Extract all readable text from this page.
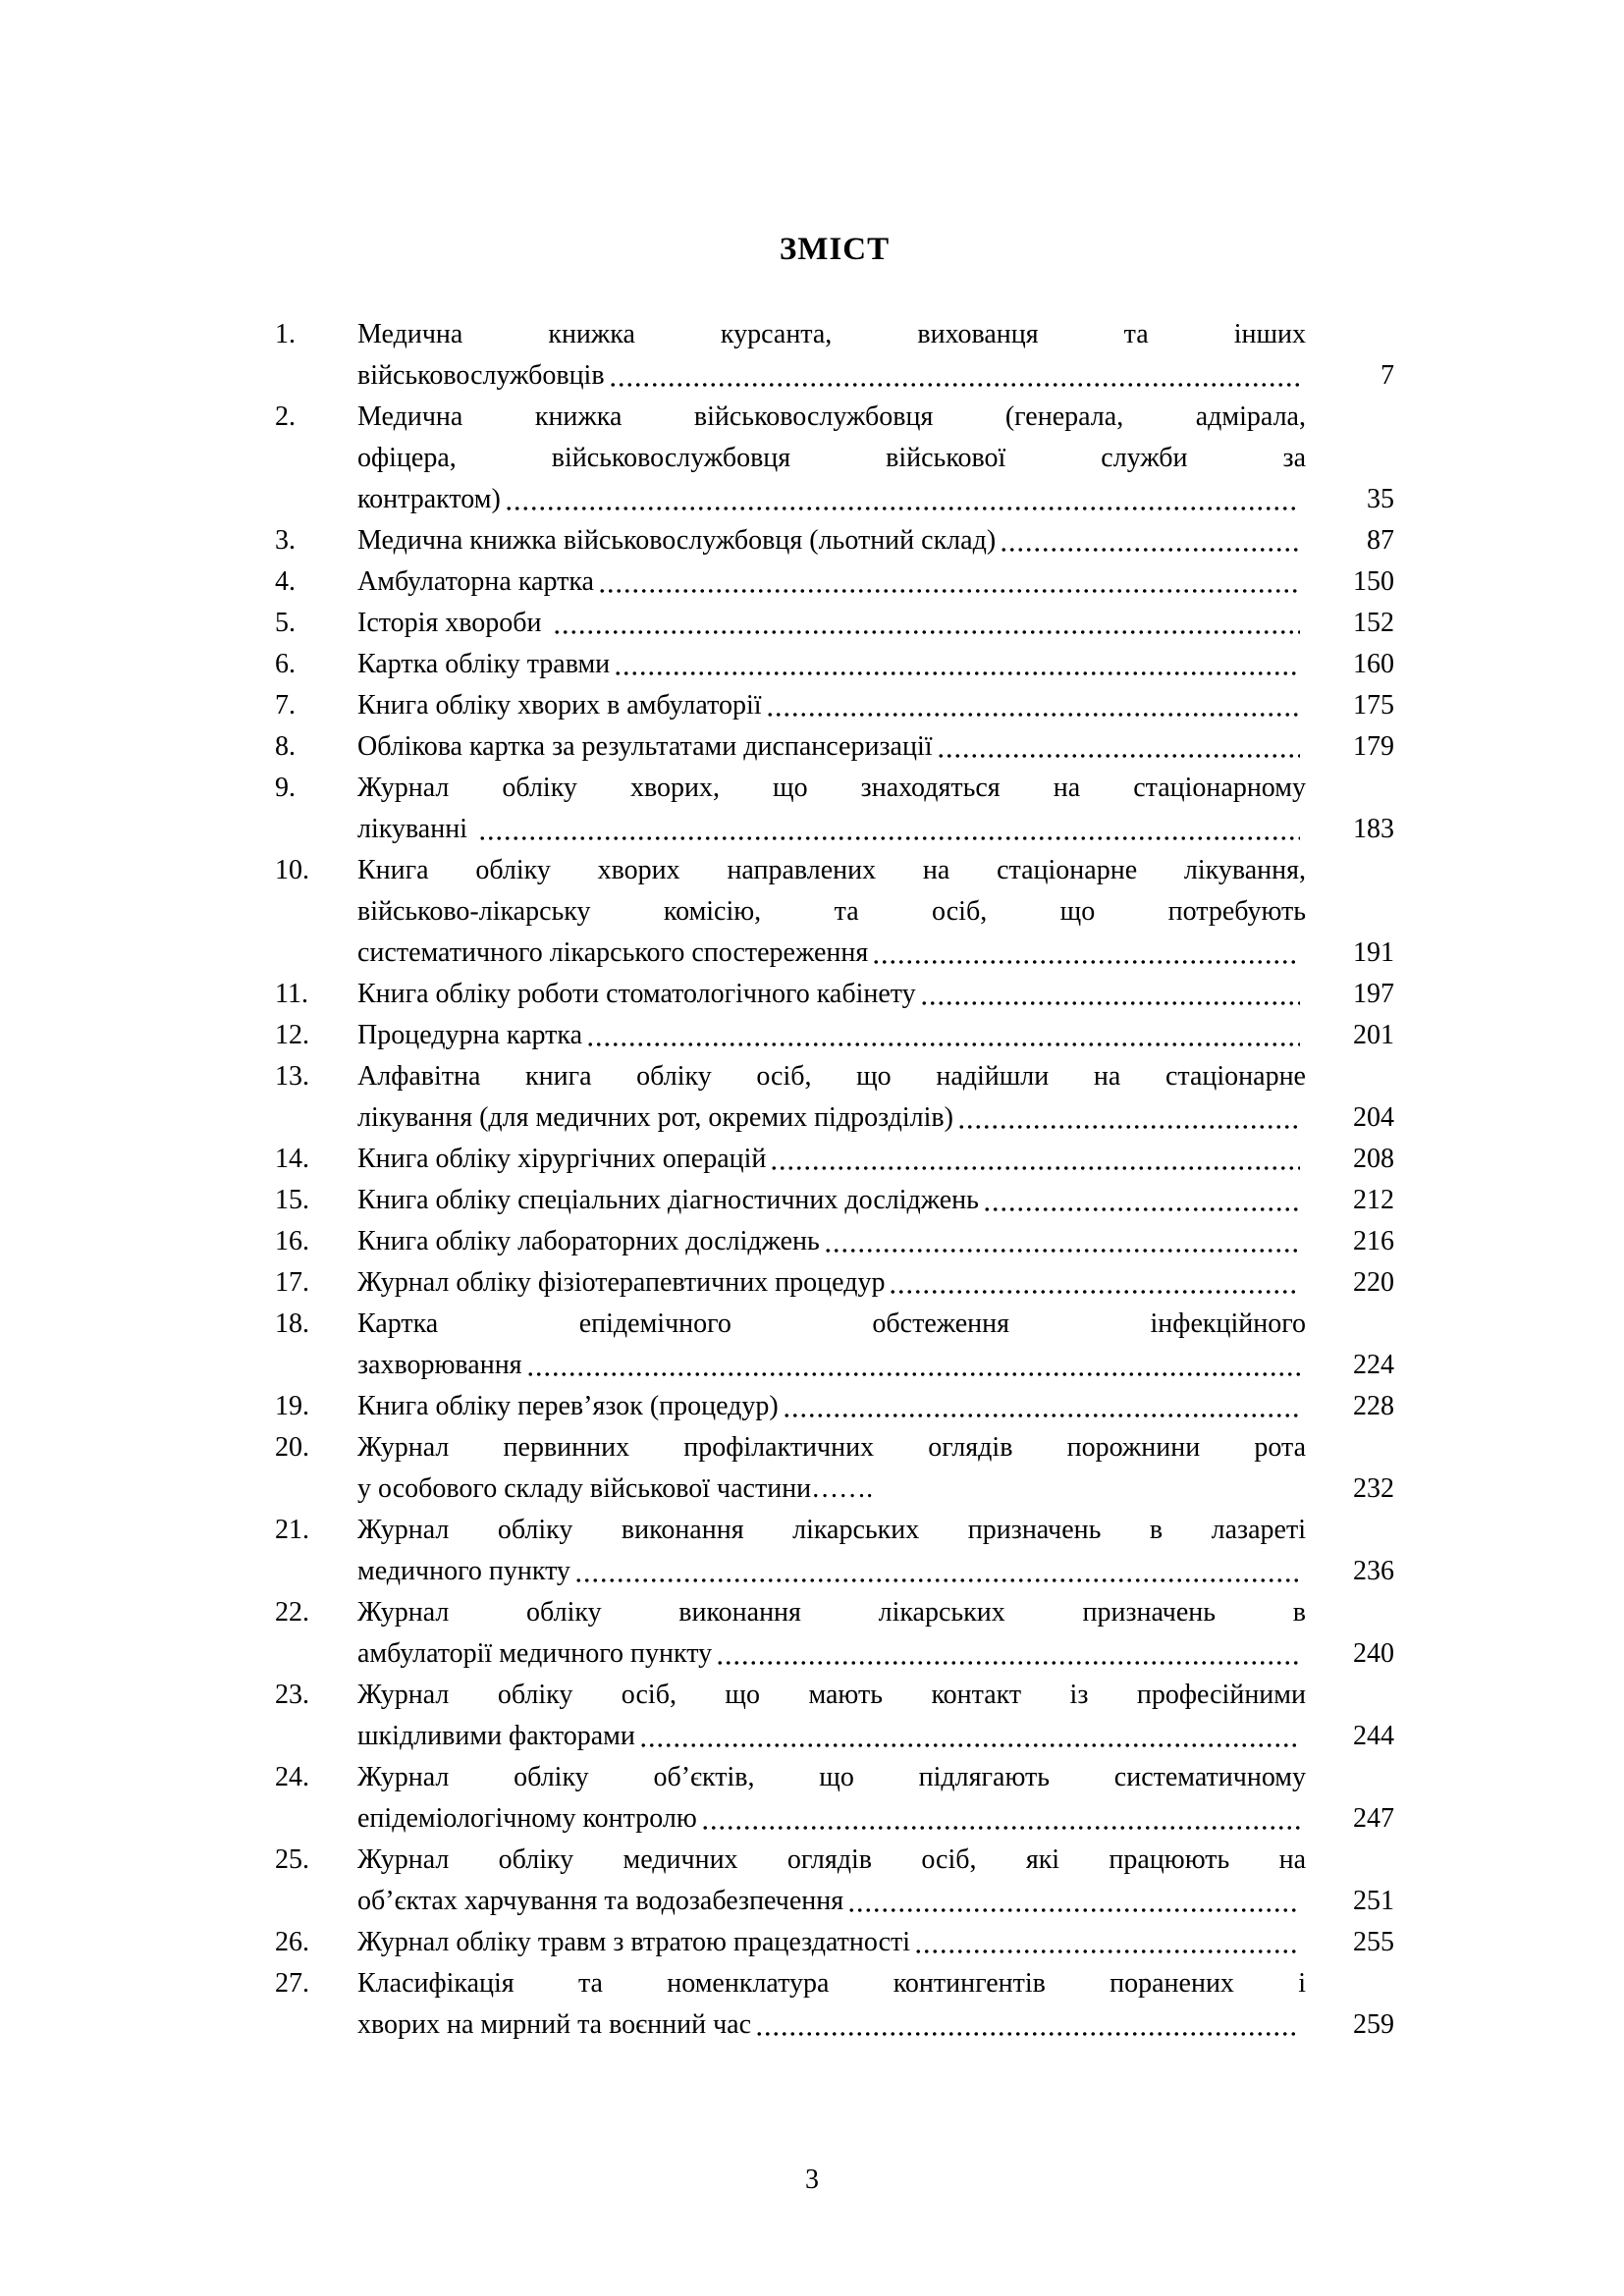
ЗМІСТ
1.	Медична книжка курсанта, вихованця та інших
військовослужбовців	7
2.	Медична книжка військовослужбовця (генерала, адмірала,
офіцера, військовослужбовця військової служби за
контрактом)	35
3.	Медична книжка військовослужбовця (льотний склад)	87
4.	Амбулаторна картка	150
5.	Історія хвороби	152
6.	Картка обліку травми	160
7.	Книга обліку хворих в амбулаторії	175
8.	Облікова картка за результатами диспансеризації	179
9.	Журнал обліку хворих, що знаходяться на стаціонарному
лікуванні	183
10.	Книга обліку хворих направлених на стаціонарне лікування,
військово-лікарську комісію, та осіб, що потребують
систематичного лікарського спостереження	191
11.	Книга обліку роботи стоматологічного кабінету	197
12.	Процедурна картка	201
13.	Алфавітна книга обліку осіб, що надійшли на стаціонарне
лікування (для медичних рот, окремих підрозділів)	204
14.	Книга обліку хірургічних операцій	208
15.	Книга обліку спеціальних діагностичних досліджень	212
16.	Книга обліку лабораторних досліджень	216
17.	Журнал обліку фізіотерапевтичних процедур	220
18.	Картка епідемічного обстеження інфекційного
захворювання	224
19.	Книга обліку перев’язок (процедур)	228
20.	Журнал первинних профілактичних оглядів порожнини рота
у особового складу військової частини…….	232
21.	Журнал обліку виконання лікарських призначень в лазареті
медичного пункту	236
22.	Журнал обліку виконання лікарських призначень в
амбулаторії медичного пункту	240
23.	Журнал обліку осіб, що мають контакт із професійними
шкідливими факторами	244
24.	Журнал обліку об’єктів, що підлягають систематичному
епідеміологічному контролю	247
25.	Журнал обліку медичних оглядів осіб, які працюють на
об’єктах харчування та водозабезпечення	251
26.	Журнал обліку травм з втратою працездатності	255
27.	Класифікація та номенклатура контингентів поранених і
хворих на мирний та воєнний час	259
3
